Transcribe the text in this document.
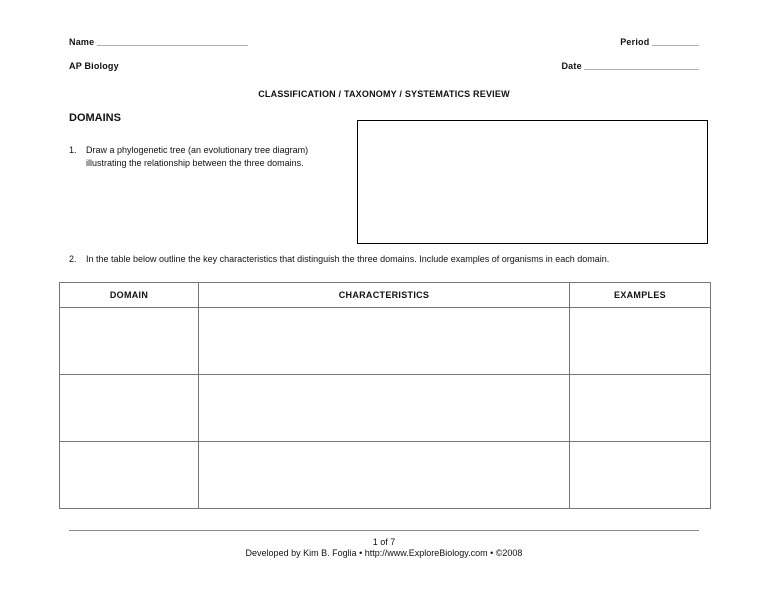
Name _____________________________	Period _________
AP Biology	Date ______________________
CLASSIFICATION / TAXONOMY / SYSTEMATICS REVIEW
DOMAINS
1.	Draw a phylogenetic tree (an evolutionary tree diagram) illustrating the relationship between the three domains.
2.	In the table below outline the key characteristics that distinguish the three domains. Include examples of organisms in each domain.
DOMAIN	CHARACTERISTICS	EXAMPLES

1 of 7
Developed by Kim B. Foglia • http://www.ExploreBiology.com • ©2008
